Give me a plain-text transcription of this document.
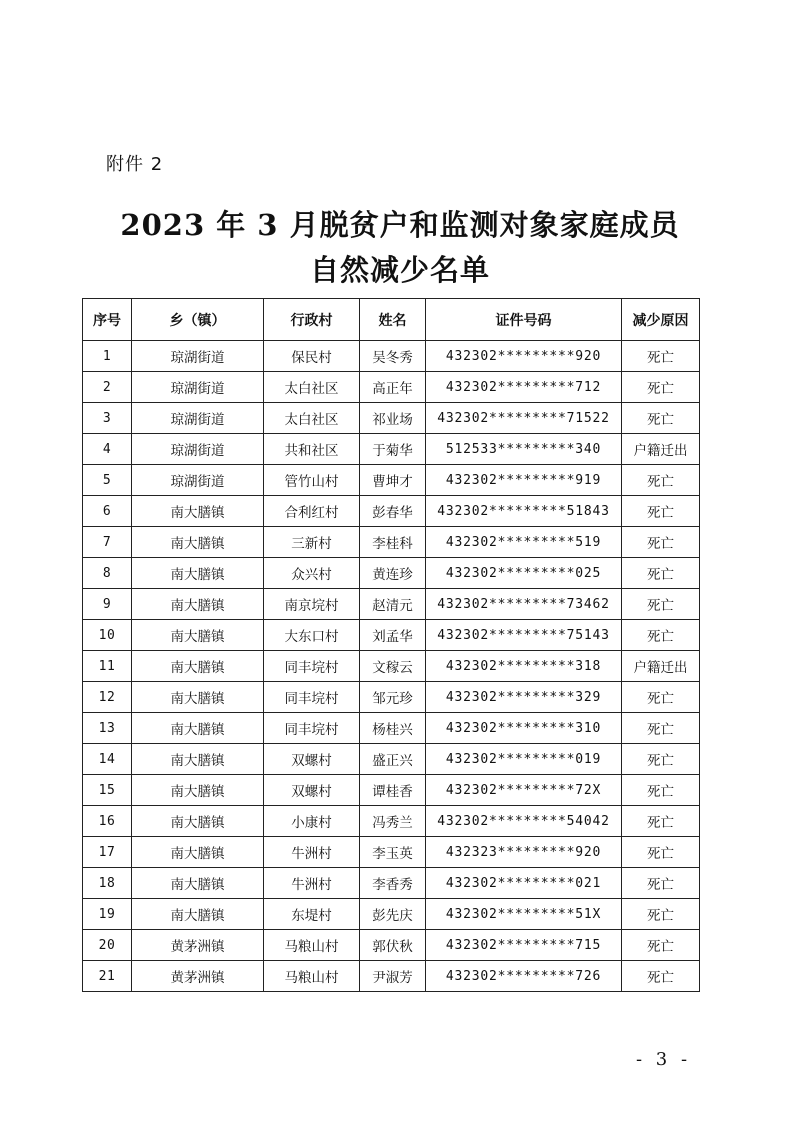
附件 2
2023 年 3 月脱贫户和监测对象家庭成员
自然减少名单
序号	乡（镇）	行政村	姓名	证件号码	减少原因
1	琼湖街道	保民村	吴冬秀	432302*********920	死亡
2	琼湖街道	太白社区	高正年	432302*********712	死亡
3	琼湖街道	太白社区	祁业场	432302*********71522	死亡
4	琼湖街道	共和社区	于菊华	512533*********340	户籍迁出
5	琼湖街道	管竹山村	曹坤才	432302*********919	死亡
6	南大膳镇	合利红村	彭春华	432302*********51843	死亡
7	南大膳镇	三新村	李桂科	432302*********519	死亡
8	南大膳镇	众兴村	黄连珍	432302*********025	死亡
9	南大膳镇	南京垸村	赵清元	432302*********73462	死亡
10	南大膳镇	大东口村	刘孟华	432302*********75143	死亡
11	南大膳镇	同丰垸村	文稼云	432302*********318	户籍迁出
12	南大膳镇	同丰垸村	邹元珍	432302*********329	死亡
13	南大膳镇	同丰垸村	杨桂兴	432302*********310	死亡
14	南大膳镇	双螺村	盛正兴	432302*********019	死亡
15	南大膳镇	双螺村	谭桂香	432302*********72X	死亡
16	南大膳镇	小康村	冯秀兰	432302*********54042	死亡
17	南大膳镇	牛洲村	李玉英	432323*********920	死亡
18	南大膳镇	牛洲村	李香秀	432302*********021	死亡
19	南大膳镇	东堤村	彭先庆	432302*********51X	死亡
20	黄茅洲镇	马粮山村	郭伏秋	432302*********715	死亡
21	黄茅洲镇	马粮山村	尹淑芳	432302*********726	死亡
- 3 -
